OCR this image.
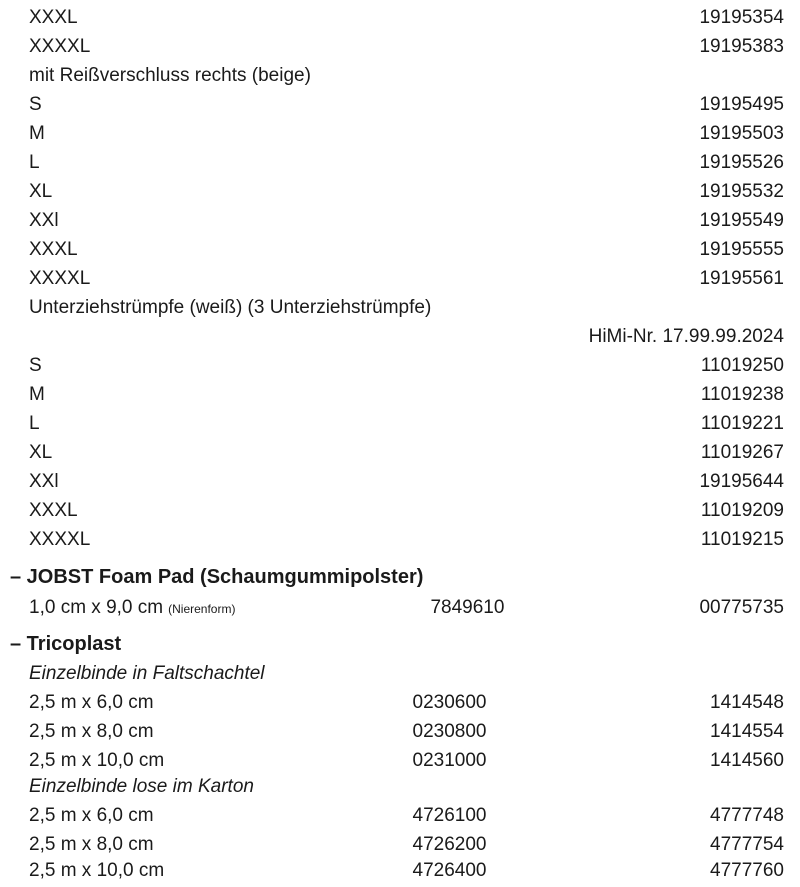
XXXL	19195354
XXXXL	19195383
mit Reißverschluss rechts (beige)
S	19195495
M	19195503
L	19195526
XL	19195532
XXl	19195549
XXXL	19195555
XXXXL	19195561
Unterziehstrümpfe (weiß) (3 Unterziehstrümpfe)
HiMi-Nr. 17.99.99.2024
S	11019250
M	11019238
L	11019221
XL	11019267
XXl	19195644
XXXL	11019209
XXXXL	11019215
– JOBST Foam Pad (Schaumgummipolster)
1,0 cm x 9,0 cm (Nierenform)	7849610	00775735
– Tricoplast
Einzelbinde in Faltschachtel
2,5 m x 6,0 cm	0230600	1414548
2,5 m x 8,0 cm	0230800	1414554
2,5 m x 10,0 cm	0231000	1414560
Einzelbinde lose im Karton
2,5 m x 6,0 cm	4726100	4777748
2,5 m x 8,0 cm	4726200	4777754
2,5 m x 10,0 cm	4726400	4777760
